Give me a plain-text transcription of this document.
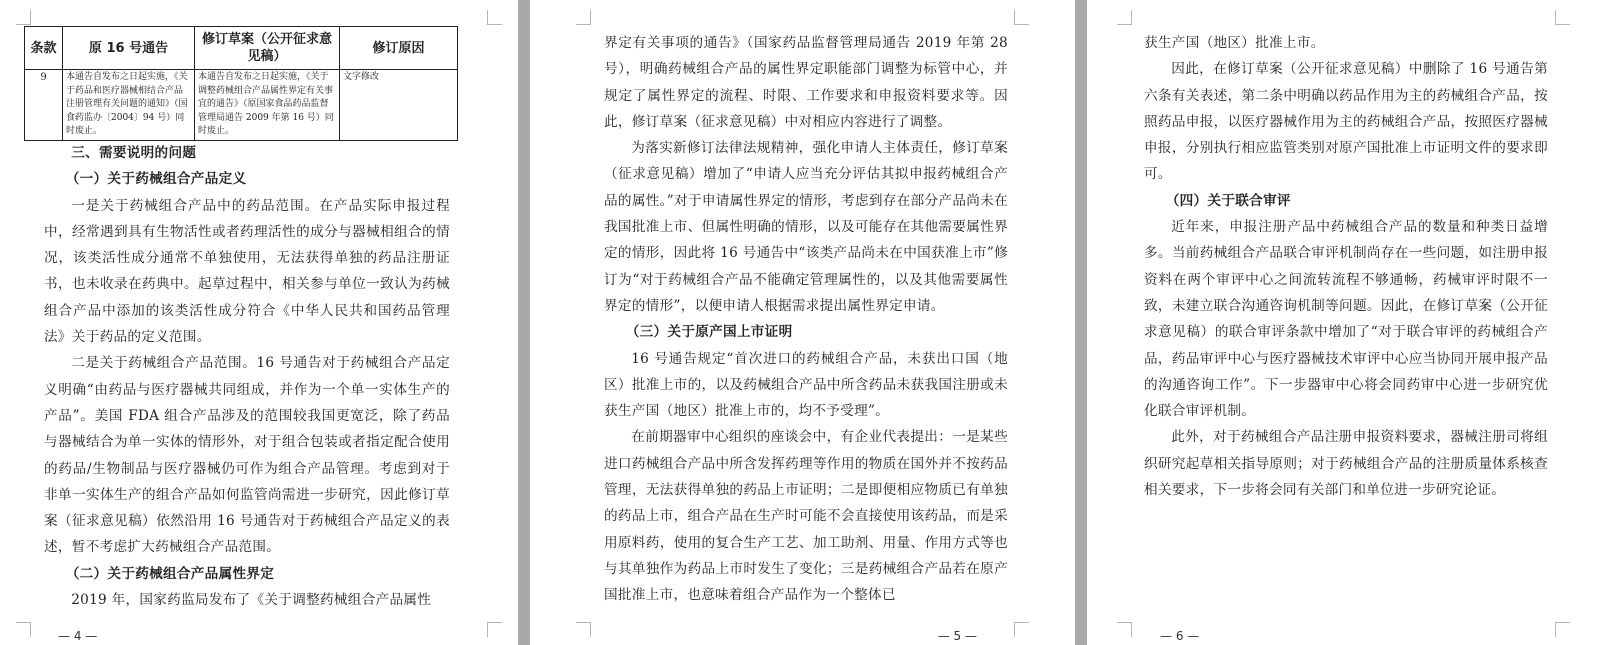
条款	原 16 号通告	修订草案（公开征求意见稿）	修订原因
9	本通告自发布之日起实施，《关于药品和医疗器械相结合产品注册管理有关问题的通知》（国食药监办〔2004〕94 号）同时废止。	本通告自发布之日起实施，《关于调整药械组合产品属性界定有关事宜的通告》（原国家食品药品监督管理局通告 2009 年第 16 号）同时废止。	文字修改

三、需要说明的问题

（一）关于药械组合产品定义

一是关于药械组合产品中的药品范围。在产品实际申报过程中，经常遇到具有生物活性或者药理活性的成分与器械相组合的情况，该类活性成分通常不单独使用，无法获得单独的药品注册证书，也未收录在药典中。起草过程中，相关参与单位一致认为药械组合产品中添加的该类活性成分符合《中华人民共和国药品管理法》关于药品的定义范围。

二是关于药械组合产品范围。16 号通告对于药械组合产品定义明确“由药品与医疗器械共同组成，并作为一个单一实体生产的产品”。美国 FDA 组合产品涉及的范围较我国更宽泛，除了药品与器械结合为单一实体的情形外，对于组合包装或者指定配合使用的药品/生物制品与医疗器械仍可作为组合产品管理。考虑到对于非单一实体生产的组合产品如何监管尚需进一步研究，因此修订草案（征求意见稿）依然沿用 16 号通告对于药械组合产品定义的表述，暂不考虑扩大药械组合产品范围。

（二）关于药械组合产品属性界定

2019 年，国家药监局发布了《关于调整药械组合产品属性

— 4 —

界定有关事项的通告》（国家药品监督管理局通告 2019 年第 28 号），明确药械组合产品的属性界定职能部门调整为标管中心，并规定了属性界定的流程、时限、工作要求和申报资料要求等。因此，修订草案（征求意见稿）中对相应内容进行了调整。

为落实新修订法律法规精神，强化申请人主体责任，修订草案（征求意见稿）增加了“申请人应当充分评估其拟申报药械组合产品的属性。”对于申请属性界定的情形，考虑到存在部分产品尚未在我国批准上市、但属性明确的情形，以及可能存在其他需要属性界定的情形，因此将 16 号通告中“该类产品尚未在中国获准上市”修订为“对于药械组合产品不能确定管理属性的，以及其他需要属性界定的情形”，以便申请人根据需求提出属性界定申请。

（三）关于原产国上市证明

16 号通告规定“首次进口的药械组合产品，未获出口国（地区）批准上市的，以及药械组合产品中所含药品未获我国注册或未获生产国（地区）批准上市的，均不予受理”。

在前期器审中心组织的座谈会中，有企业代表提出：一是某些进口药械组合产品中所含发挥药理等作用的物质在国外并不按药品管理，无法获得单独的药品上市证明；二是即便相应物质已有单独的药品上市，组合产品在生产时可能不会直接使用该药品，而是采用原料药，使用的复合生产工艺、加工助剂、用量、作用方式等也与其单独作为药品上市时发生了变化；三是药械组合产品若在原产国批准上市，也意味着组合产品作为一个整体已

— 5 —

获生产国（地区）批准上市。

因此，在修订草案（公开征求意见稿）中删除了 16 号通告第六条有关表述，第二条中明确以药品作用为主的药械组合产品，按照药品申报，以医疗器械作用为主的药械组合产品，按照医疗器械申报，分别执行相应监管类别对原产国批准上市证明文件的要求即可。

（四）关于联合审评

近年来，申报注册产品中药械组合产品的数量和种类日益增多。当前药械组合产品联合审评机制尚存在一些问题，如注册申报资料在两个审评中心之间流转流程不够通畅，药械审评时限不一致，未建立联合沟通咨询机制等问题。因此，在修订草案（公开征求意见稿）的联合审评条款中增加了“对于联合审评的药械组合产品，药品审评中心与医疗器械技术审评中心应当协同开展申报产品的沟通咨询工作”。下一步器审中心将会同药审中心进一步研究优化联合审评机制。

此外，对于药械组合产品注册申报资料要求，器械注册司将组织研究起草相关指导原则；对于药械组合产品的注册质量体系核查相关要求，下一步将会同有关部门和单位进一步研究论证。

— 6 —
